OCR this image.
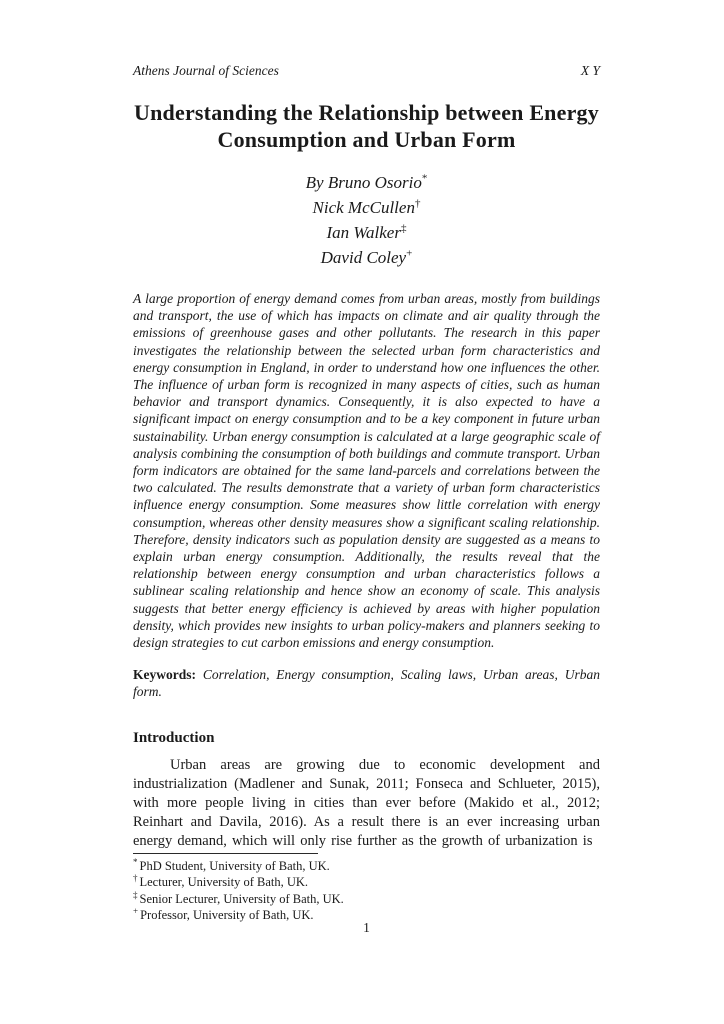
Athens Journal of Sciences	X Y
Understanding the Relationship between Energy
Consumption and Urban Form
By Bruno Osorio*
Nick McCullen†
Ian Walker‡
David Coley+
A large proportion of energy demand comes from urban areas, mostly from buildings and transport, the use of which has impacts on climate and air quality through the emissions of greenhouse gases and other pollutants. The research in this paper investigates the relationship between the selected urban form characteristics and energy consumption in England, in order to understand how one influences the other. The influence of urban form is recognized in many aspects of cities, such as human behavior and transport dynamics. Consequently, it is also expected to have a significant impact on energy consumption and to be a key component in future urban sustainability. Urban energy consumption is calculated at a large geographic scale of analysis combining the consumption of both buildings and commute transport. Urban form indicators are obtained for the same land-parcels and correlations between the two calculated. The results demonstrate that a variety of urban form characteristics influence energy consumption. Some measures show little correlation with energy consumption, whereas other density measures show a significant scaling relationship. Therefore, density indicators such as population density are suggested as a means to explain urban energy consumption. Additionally, the results reveal that the relationship between energy consumption and urban characteristics follows a sublinear scaling relationship and hence show an economy of scale. This analysis suggests that better energy efficiency is achieved by areas with higher population density, which provides new insights to urban policy-makers and planners seeking to design strategies to cut carbon emissions and energy consumption.
Keywords: Correlation, Energy consumption, Scaling laws, Urban areas, Urban form.
Introduction
Urban areas are growing due to economic development and industrialization (Madlener and Sunak, 2011; Fonseca and Schlueter, 2015), with more people living in cities than ever before (Makido et al., 2012; Reinhart and Davila, 2016). As a result there is an ever increasing urban energy demand, which will only rise further as the growth of urbanization is
* PhD Student, University of Bath, UK.
† Lecturer, University of Bath, UK.
‡ Senior Lecturer, University of Bath, UK.
+ Professor, University of Bath, UK.
1
